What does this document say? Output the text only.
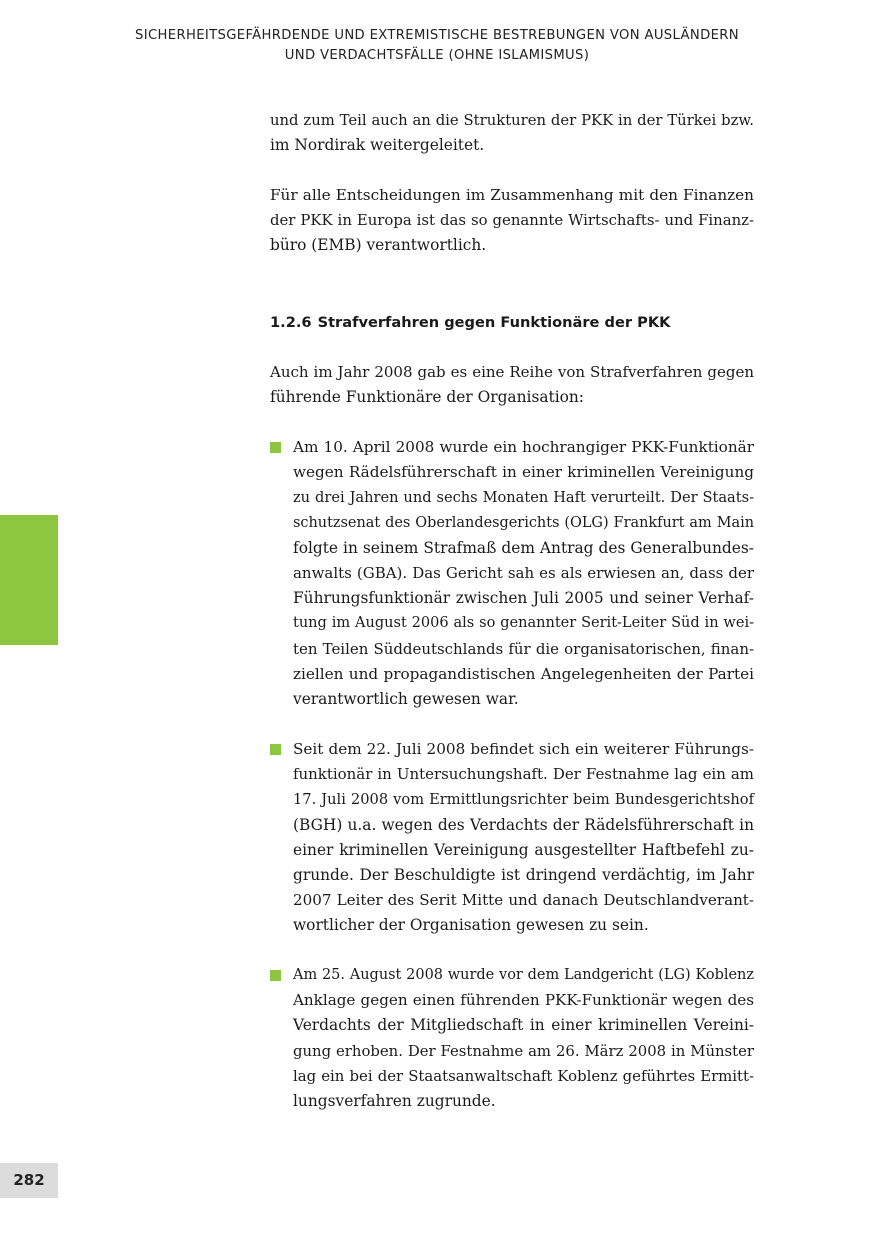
SICHERHEITSGEFÄHRDENDE UND EXTREMISTISCHE BESTREBUNGEN VON AUSLÄNDERN
UND VERDACHTSFÄLLE (OHNE ISLAMISMUS)
und zum Teil auch an die Strukturen der PKK in der Türkei bzw.
im Nordirak weitergeleitet.
Für alle Entscheidungen im Zusammenhang mit den Finanzen
der PKK in Europa ist das so genannte Wirtschafts- und Finanz-
büro (EMB) verantwortlich.
1.2.6 Strafverfahren gegen Funktionäre der PKK
Auch im Jahr 2008 gab es eine Reihe von Strafverfahren gegen
führende Funktionäre der Organisation:
Am 10. April 2008 wurde ein hochrangiger PKK-Funktionär
wegen Rädelsführerschaft in einer kriminellen Vereinigung
zu drei Jahren und sechs Monaten Haft verurteilt. Der Staats-
schutzsenat des Oberlandesgerichts (OLG) Frankfurt am Main
folgte in seinem Strafmaß dem Antrag des Generalbundes-
anwalts (GBA). Das Gericht sah es als erwiesen an, dass der
Führungsfunktionär zwischen Juli 2005 und seiner Verhaf-
tung im August 2006 als so genannter Serit-Leiter Süd in wei-
ten Teilen Süddeutschlands für die organisatorischen, finan-
ziellen und propagandistischen Angelegenheiten der Partei
verantwortlich gewesen war.
Seit dem 22. Juli 2008 befindet sich ein weiterer Führungs-
funktionär in Untersuchungshaft. Der Festnahme lag ein am
17. Juli 2008 vom Ermittlungsrichter beim Bundesgerichtshof
(BGH) u.a. wegen des Verdachts der Rädelsführerschaft in
einer kriminellen Vereinigung ausgestellter Haftbefehl zu-
grunde. Der Beschuldigte ist dringend verdächtig, im Jahr
2007 Leiter des Serit Mitte und danach Deutschlandverant-
wortlicher der Organisation gewesen zu sein.
Am 25. August 2008 wurde vor dem Landgericht (LG) Koblenz
Anklage gegen einen führenden PKK-Funktionär wegen des
Verdachts der Mitgliedschaft in einer kriminellen Vereini-
gung erhoben. Der Festnahme am 26. März 2008 in Münster
lag ein bei der Staatsanwaltschaft Koblenz geführtes Ermitt-
lungsverfahren zugrunde.
282
